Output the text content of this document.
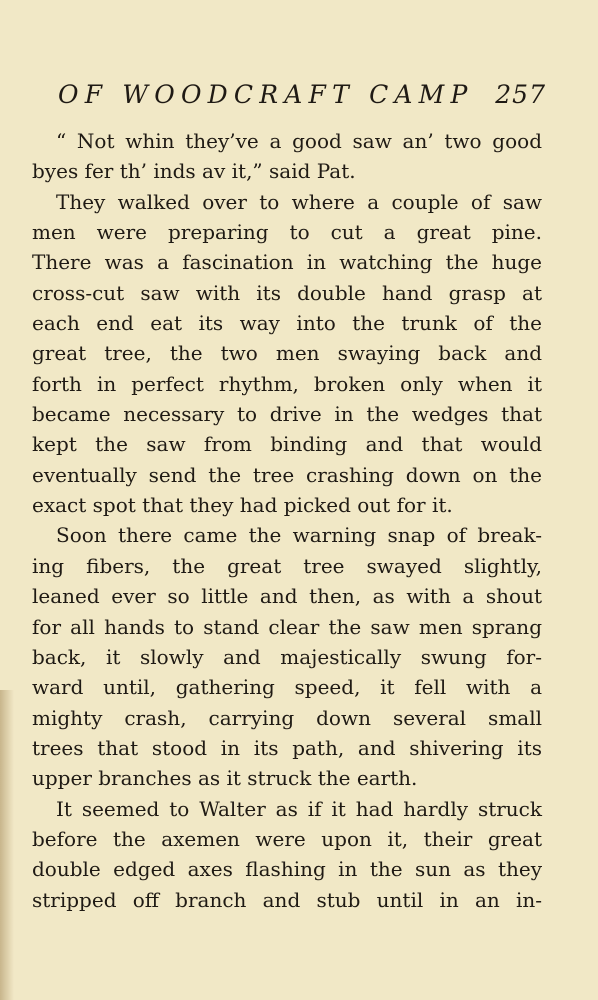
OF WOODCRAFT CAMP 257
“ Not whin they’ve a good saw an’ two good
byes fer th’ inds av it,” said Pat.
They walked over to where a couple of saw
men were preparing to cut a great pine.
There was a fascination in watching the huge
cross-cut saw with its double hand grasp at
each end eat its way into the trunk of the
great tree, the two men swaying back and
forth in perfect rhythm, broken only when it
became necessary to drive in the wedges that
kept the saw from binding and that would
eventually send the tree crashing down on the
exact spot that they had picked out for it.
Soon there came the warning snap of break-
ing fibers, the great tree swayed slightly,
leaned ever so little and then, as with a shout
for all hands to stand clear the saw men sprang
back, it slowly and majestically swung for-
ward until, gathering speed, it fell with a
mighty crash, carrying down several small
trees that stood in its path, and shivering its
upper branches as it struck the earth.
It seemed to Walter as if it had hardly struck
before the axemen were upon it, their great
double edged axes flashing in the sun as they
stripped off branch and stub until in an in-
